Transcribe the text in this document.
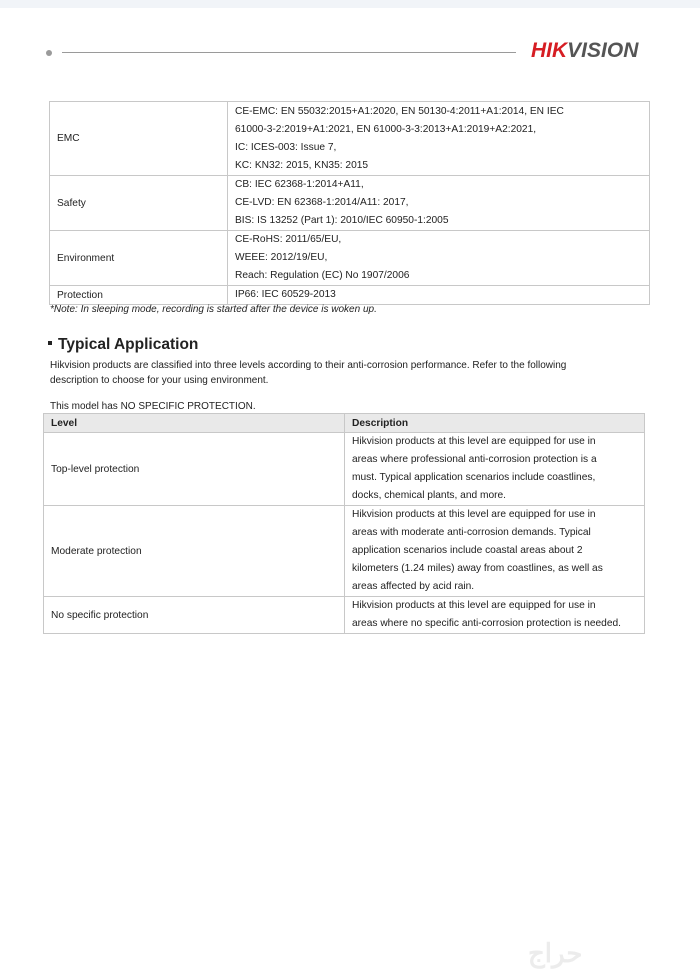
HIKVISION
EMC	CE-EMC: EN 55032:2015+A1:2020, EN 50130-4:2011+A1:2014, EN IEC
61000-3-2:2019+A1:2021, EN 61000-3-3:2013+A1:2019+A2:2021,
IC: ICES-003: Issue 7,
KC: KN32: 2015, KN35: 2015

Safety	CB: IEC 62368-1:2014+A11,
CE-LVD: EN 62368-1:2014/A11: 2017,
BIS: IS 13252 (Part 1): 2010/IEC 60950-1:2005

Environment	CE-RoHS: 2011/65/EU,
WEEE: 2012/19/EU,
Reach: Regulation (EC) No 1907/2006

Protection	IP66: IEC 60529-2013
*Note: In sleeping mode, recording is started after the device is woken up.
Typical Application
Hikvision products are classified into three levels according to their anti-corrosion performance. Refer to the following
description to choose for your using environment.
This model has NO SPECIFIC PROTECTION.
Level	Description
Top-level protection	Hikvision products at this level are equipped for use in
areas where professional anti-corrosion protection is a
must. Typical application scenarios include coastlines,
docks, chemical plants, and more.

Moderate protection	Hikvision products at this level are equipped for use in
areas with moderate anti-corrosion demands. Typical
application scenarios include coastal areas about 2
kilometers (1.24 miles) away from coastlines, as well as
areas affected by acid rain.

No specific protection	Hikvision products at this level are equipped for use in
areas where no specific anti-corrosion protection is needed.
حراج
